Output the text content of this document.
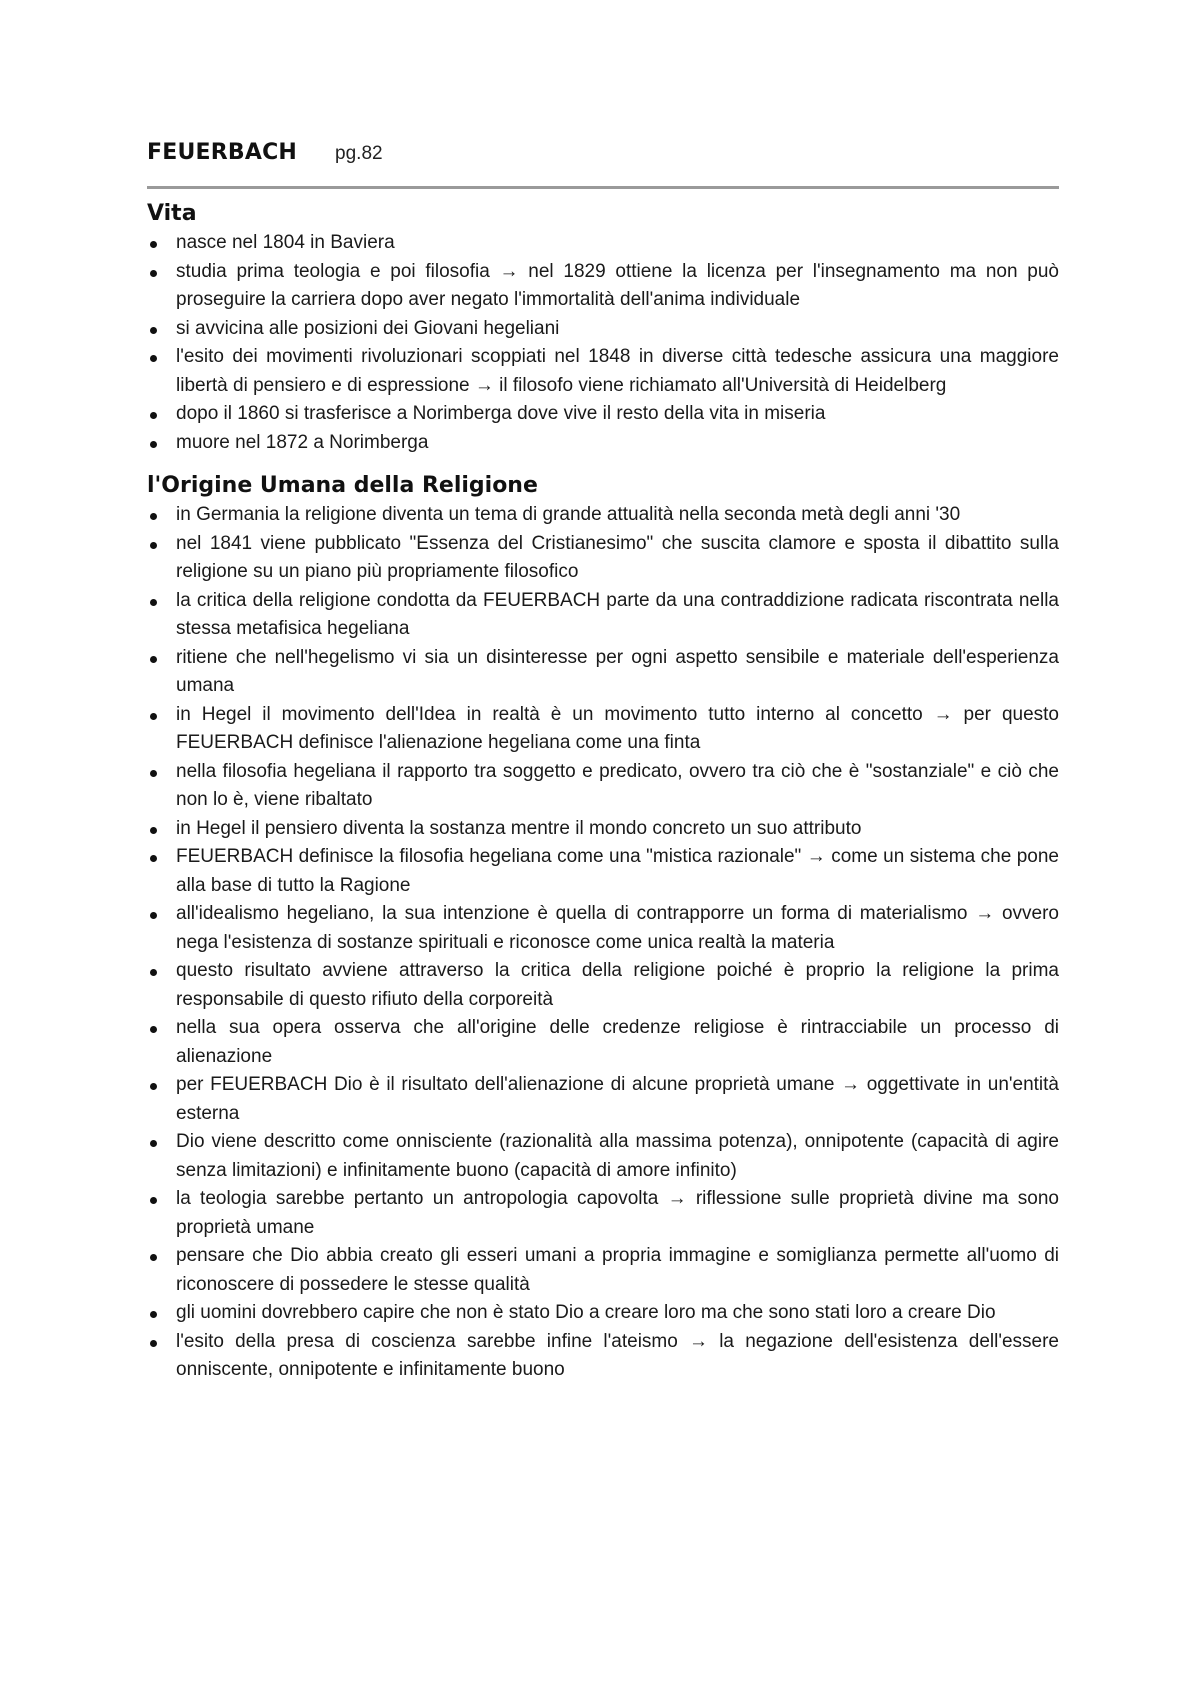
FEUERBACH pg.82
Vita
nasce nel 1804 in Baviera
studia prima teologia e poi filosofia → nel 1829 ottiene la licenza per l'insegnamento ma non può proseguire la carriera dopo aver negato l'immortalità dell'anima individuale
si avvicina alle posizioni dei Giovani hegeliani
l'esito dei movimenti rivoluzionari scoppiati nel 1848 in diverse città tedesche assicura una maggiore libertà di pensiero e di espressione → il filosofo viene richiamato all'Università di Heidelberg
dopo il 1860 si trasferisce a Norimberga dove vive il resto della vita in miseria
muore nel 1872 a Norimberga
l'Origine Umana della Religione
in Germania la religione diventa un tema di grande attualità nella seconda metà degli anni '30
nel 1841 viene pubblicato "Essenza del Cristianesimo" che suscita clamore e sposta il dibattito sulla religione su un piano più propriamente filosofico
la critica della religione condotta da FEUERBACH parte da una contraddizione radicata riscontrata nella stessa metafisica hegeliana
ritiene che nell'hegelismo vi sia un disinteresse per ogni aspetto sensibile e materiale dell'esperienza umana
in Hegel il movimento dell'Idea in realtà è un movimento tutto interno al concetto → per questo FEUERBACH definisce l'alienazione hegeliana come una finta
nella filosofia hegeliana il rapporto tra soggetto e predicato, ovvero tra ciò che è "sostanziale" e ciò che non lo è, viene ribaltato
in Hegel il pensiero diventa la sostanza mentre il mondo concreto un suo attributo
FEUERBACH definisce la filosofia hegeliana come una "mistica razionale" → come un sistema che pone alla base di tutto la Ragione
all'idealismo hegeliano, la sua intenzione è quella di contrapporre un forma di materialismo → ovvero nega l'esistenza di sostanze spirituali e riconosce come unica realtà la materia
questo risultato avviene attraverso la critica della religione poiché è proprio la religione la prima responsabile di questo rifiuto della corporeità
nella sua opera osserva che all'origine delle credenze religiose è rintracciabile un processo di alienazione
per FEUERBACH Dio è il risultato dell'alienazione di alcune proprietà umane → oggettivate in un'entità esterna
Dio viene descritto come onnisciente (razionalità alla massima potenza), onnipotente (capacità di agire senza limitazioni) e infinitamente buono (capacità di amore infinito)
la teologia sarebbe pertanto un antropologia capovolta → riflessione sulle proprietà divine ma sono proprietà umane
pensare che Dio abbia creato gli esseri umani a propria immagine e somiglianza permette all'uomo di riconoscere di possedere le stesse qualità
gli uomini dovrebbero capire che non è stato Dio a creare loro ma che sono stati loro a creare Dio
l'esito della presa di coscienza sarebbe infine l'ateismo → la negazione dell'esistenza dell'essere onniscente, onnipotente e infinitamente buono
